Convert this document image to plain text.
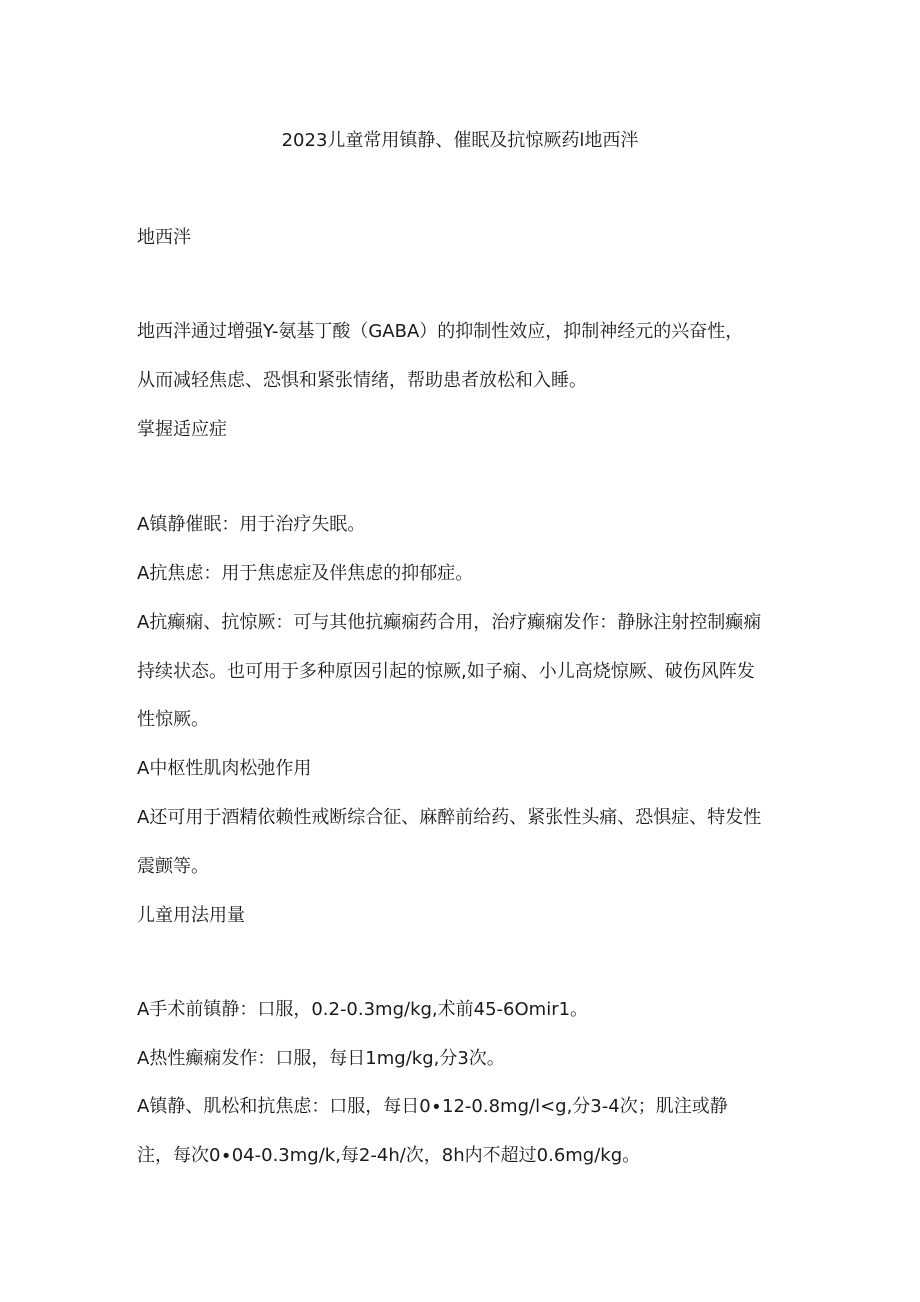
2023儿童常用镇静、催眠及抗惊厥药l地西泮
地西泮
地西泮通过增强Y-氨基丁酸（GABA）的抑制性效应，抑制神经元的兴奋性，
从而减轻焦虑、恐惧和紧张情绪，帮助患者放松和入睡。
掌握适应症
A镇静催眠：用于治疗失眠。
A抗焦虑：用于焦虑症及伴焦虑的抑郁症。
A抗癫痫、抗惊厥：可与其他抗癫痫药合用，治疗癫痫发作：静脉注射控制癫痫
持续状态。也可用于多种原因引起的惊厥,如子痫、小儿高烧惊厥、破伤风阵发
性惊厥。
A中枢性肌肉松弛作用
A还可用于酒精依赖性戒断综合征、麻醉前给药、紧张性头痛、恐惧症、特发性
震颤等。
儿童用法用量
A手术前镇静：口服，0.2-0.3mg∕kg,术前45-6Omir1。
A热性癫痫发作：口服，每日1mg/kg,分3次。
A镇静、肌松和抗焦虑：口服，每日0∙12-0.8mg/l<g,分3-4次；肌注或静
注，每次0∙04-0.3mg∕k,每2-4h∕次，8h内不超过0.6mg∕kg。
